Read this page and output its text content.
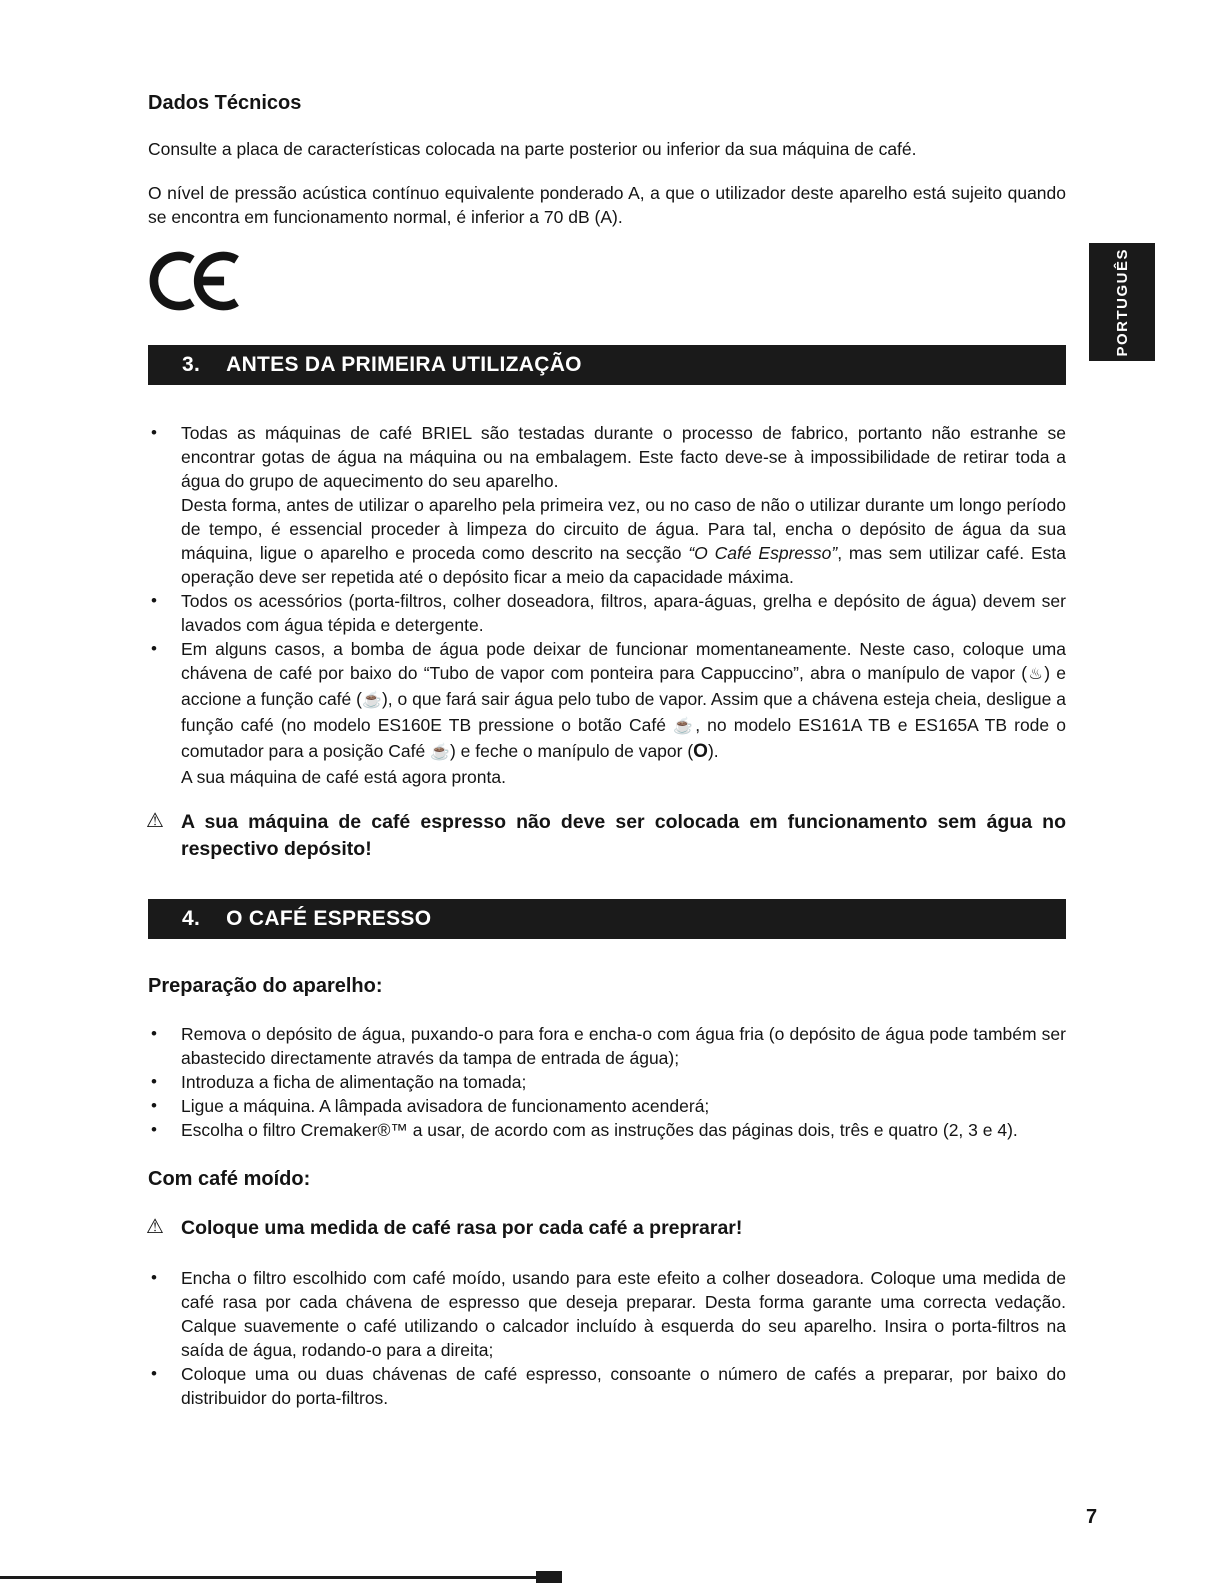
PORTUGUÊS
Dados Técnicos

Consulte a placa de características colocada na parte posterior ou inferior da sua máquina de café.

O nível de pressão acústica contínuo equivalente ponderado A, a que o utilizador deste aparelho está sujeito quando se encontra em funcionamento normal, é inferior a 70 dB (A).

3. ANTES DA PRIMEIRA UTILIZAÇÃO
• Todas as máquinas de café BRIEL são testadas durante o processo de fabrico, portanto não estranhe se encontrar gotas de água na máquina ou na embalagem. Este facto deve-se à impossibilidade de retirar toda a água do grupo de aquecimento do seu aparelho.

Desta forma, antes de utilizar o aparelho pela primeira vez, ou no caso de não o utilizar durante um longo período de tempo, é essencial proceder à limpeza do circuito de água. Para tal, encha o depósito de água da sua máquina, ligue o aparelho e proceda como descrito na secção “O Café Espresso”, mas sem utilizar café. Esta operação deve ser repetida até o depósito ficar a meio da capacidade máxima.

• Todos os acessórios (porta-filtros, colher doseadora, filtros, apara-águas, grelha e depósito de água) devem ser lavados com água tépida e detergente.

• Em alguns casos, a bomba de água pode deixar de funcionar momentaneamente. Neste caso, coloque uma chávena de café por baixo do “Tubo de vapor com ponteira para Cappuccino”, abra o manípulo de vapor (♨) e accione a função café (☕), o que fará sair água pelo tubo de vapor. Assim que a chávena esteja cheia, desligue a função café (no modelo ES160E TB pressione o botão Café ☕, no modelo ES161A TB e ES165A TB rode o comutador para a posição Café ☕) e feche o manípulo de vapor (O).

A sua máquina de café está agora pronta.

⚠ A sua máquina de café espresso não deve ser colocada em funcionamento sem água no respectivo depósito!
4. O CAFÉ ESPRESSO
Preparação do aparelho:
• Remova o depósito de água, puxando-o para fora e encha-o com água fria (o depósito de água pode também ser abastecido directamente através da tampa de entrada de água);

• Introduza a ficha de alimentação na tomada;

• Ligue a máquina. A lâmpada avisadora de funcionamento acenderá;

• Escolha o filtro Cremaker®™ a usar, de acordo com as instruções das páginas dois, três e quatro (2, 3 e 4).

Com café moído:
⚠ Coloque uma medida de café rasa por cada café a preprarar!
• Encha o filtro escolhido com café moído, usando para este efeito a colher doseadora. Coloque uma medida de café rasa por cada chávena de espresso que deseja preparar. Desta forma garante uma correcta vedação. Calque suavemente o café utilizando o calcador incluído à esquerda do seu aparelho. Insira o porta-filtros na saída de água, rodando-o para a direita;

• Coloque uma ou duas chávenas de café espresso, consoante o número de cafés a preparar, por baixo do distribuidor do porta-filtros.

7
